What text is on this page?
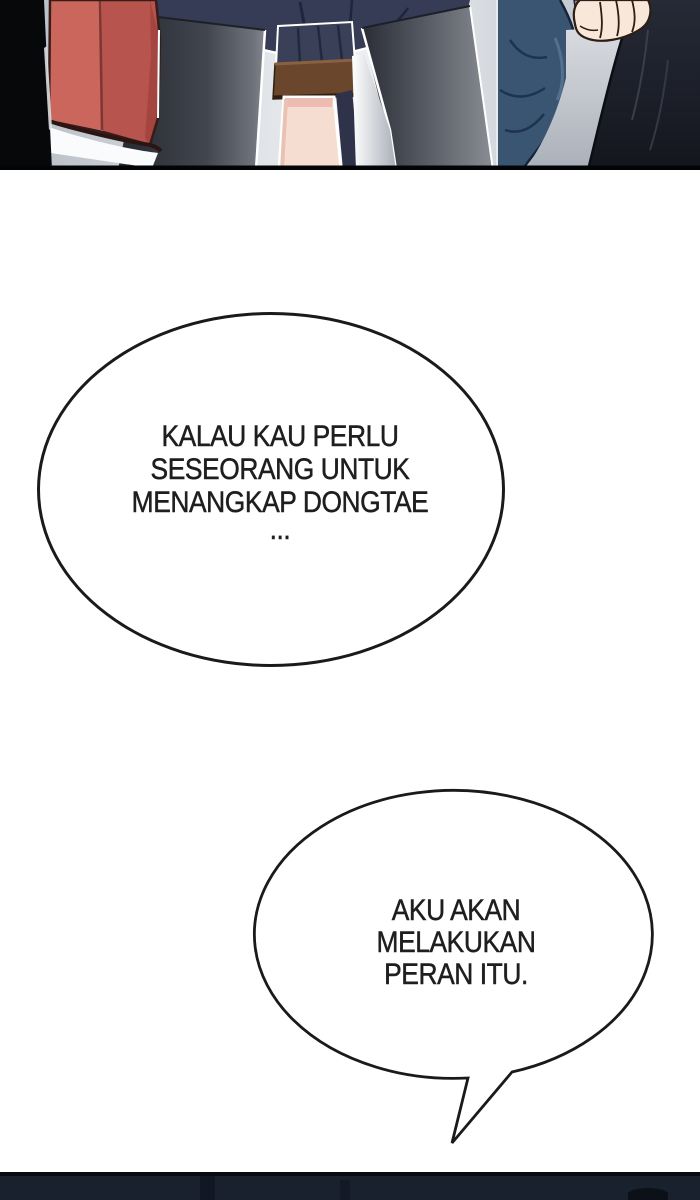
KALAU KAU PERLU
SESEORANG UNTUK
MENANGKAP DONGTAE
...
AKU AKAN
MELAKUKAN
PERAN ITU.
